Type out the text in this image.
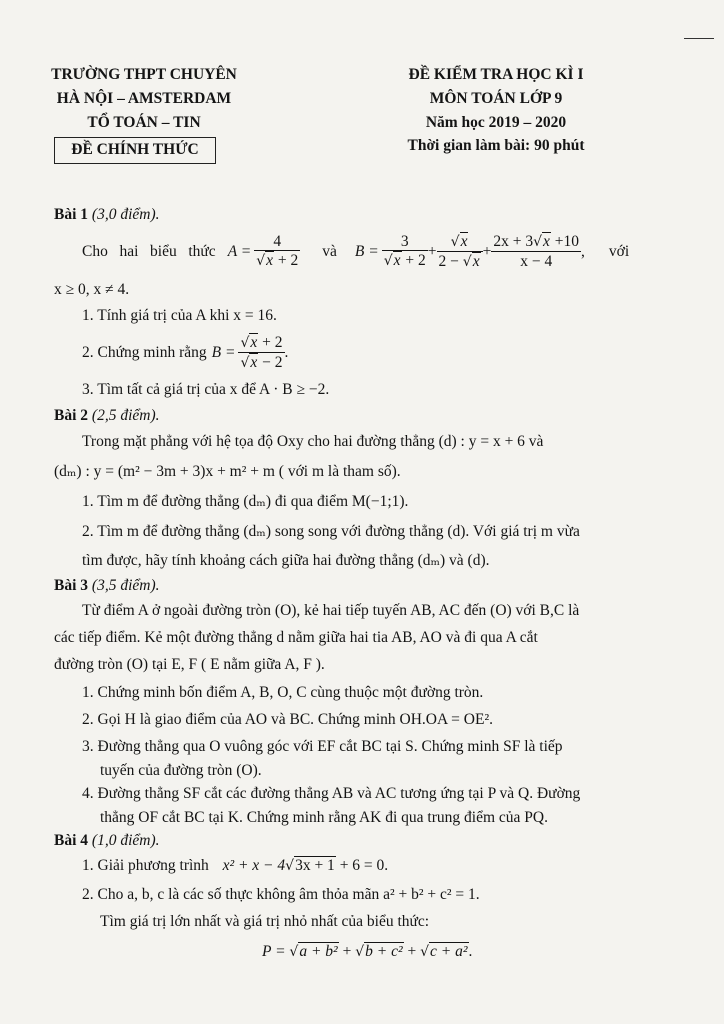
TRƯỜNG THPT CHUYÊN
HÀ NỘI – AMSTERDAM
TỔ TOÁN – TIN
ĐỀ CHÍNH THỨC
ĐỀ KIỂM TRA HỌC KÌ I
MÔN TOÁN LỚP 9
Năm học 2019 – 2020
Thời gian làm bài: 90 phút
Bài 1 (3,0 điểm).
Cho   hai   biểu   thức $A = \frac{4}{√x + 2}$ và $B = \frac{3}{√x + 2} + \frac{√x}{2 - √x} + \frac{2x + 3√x +10}{x - 4}$ , với
x ≥ 0, x ≠ 4.
1. Tính giá trị của A khi x = 16.
2. Chứng minh rằng $B = \frac{√x + 2}{√x - 2}$ .
3. Tìm tất cả giá trị của x để A · B ≥ −2.
Bài 2 (2,5 điểm).
Trong mặt phẳng với hệ tọa độ Oxy cho hai đường thẳng (d) : y = x + 6 và
(dₘ) : y = (m² − 3m + 3)x + m² + m ( với m là tham số).
1. Tìm m để đường thẳng (dₘ) đi qua điểm M(−1;1).
2. Tìm m để đường thẳng (dₘ) song song với đường thẳng (d). Với giá trị m vừa
tìm được, hãy tính khoảng cách giữa hai đường thẳng (dₘ) và (d).
Bài 3 (3,5 điểm).
Từ điểm A ở ngoài đường tròn (O), kẻ hai tiếp tuyến AB, AC đến (O) với B,C là
các tiếp điểm. Kẻ một đường thẳng d nằm giữa hai tia AB, AO và đi qua A cắt
đường tròn (O) tại E, F ( E nằm giữa A, F ).
1. Chứng minh bốn điểm A, B, O, C cùng thuộc một đường tròn.
2. Gọi H là giao điểm của AO và BC. Chứng minh OH.OA = OE².
3. Đường thẳng qua O vuông góc với EF cắt BC tại S. Chứng minh SF là tiếp
tuyến của đường tròn (O).
4. Đường thẳng SF cắt các đường thẳng AB và AC tương ứng tại P và Q. Đường
thẳng OF cắt BC tại K. Chứng minh rằng AK đi qua trung điểm của PQ.
Bài 4 (1,0 điểm).
1. Giải phương trình x² + x − 4√3x + 1 + 6 = 0.
2. Cho a, b, c là các số thực không âm thỏa mãn a² + b² + c² = 1.
Tìm giá trị lớn nhất và giá trị nhỏ nhất của biểu thức:
P = √a + b² + √b + c² + √c + a².
